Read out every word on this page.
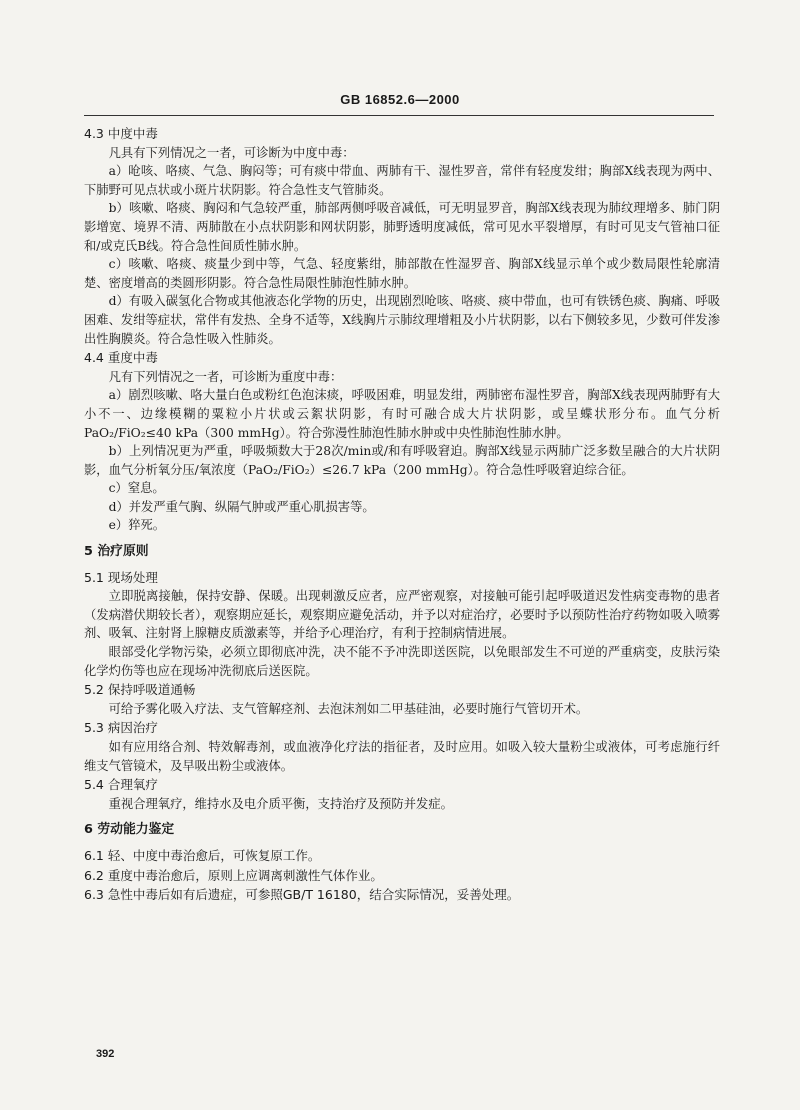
GB 16852.6—2000
4.3 中度中毒
凡具有下列情况之一者，可诊断为中度中毒：
a）呛咳、咯痰、气急、胸闷等；可有痰中带血、两肺有干、湿性罗音，常伴有轻度发绀；胸部X线表现为两中、下肺野可见点状或小斑片状阴影。符合急性支气管肺炎。
b）咳嗽、咯痰、胸闷和气急较严重，肺部两侧呼吸音减低，可无明显罗音，胸部X线表现为肺纹理增多、肺门阴影增宽、境界不清、两肺散在小点状阴影和网状阴影，肺野透明度减低，常可见水平裂增厚，有时可见支气管袖口征和/或克氏B线。符合急性间质性肺水肿。
c）咳嗽、咯痰、痰量少到中等，气急、轻度紫绀，肺部散在性湿罗音、胸部X线显示单个或少数局限性轮廓清楚、密度增高的类圆形阴影。符合急性局限性肺泡性肺水肿。
d）有吸入碳氢化合物或其他液态化学物的历史，出现剧烈呛咳、咯痰、痰中带血，也可有铁锈色痰、胸痛、呼吸困难、发绀等症状，常伴有发热、全身不适等，X线胸片示肺纹理增粗及小片状阴影，以右下侧较多见，少数可伴发渗出性胸膜炎。符合急性吸入性肺炎。
4.4 重度中毒
凡有下列情况之一者，可诊断为重度中毒：
a）剧烈咳嗽、咯大量白色或粉红色泡沫痰，呼吸困难，明显发绀，两肺密布湿性罗音，胸部X线表现两肺野有大小不一、边缘模糊的粟粒小片状或云絮状阴影，有时可融合成大片状阴影，或呈蝶状形分布。血气分析 PaO₂/FiO₂≤40 kPa（300 mmHg）。符合弥漫性肺泡性肺水肿或中央性肺泡性肺水肿。
b）上列情况更为严重，呼吸频数大于28次/min或/和有呼吸窘迫。胸部X线显示两肺广泛多数呈融合的大片状阴影，血气分析氧分压/氧浓度（PaO₂/FiO₂）≤26.7 kPa（200 mmHg）。符合急性呼吸窘迫综合征。
c）窒息。
d）并发严重气胸、纵隔气肿或严重心肌损害等。
e）猝死。
5 治疗原则
5.1 现场处理
立即脱离接触，保持安静、保暖。出现刺激反应者，应严密观察，对接触可能引起呼吸道迟发性病变毒物的患者（发病潜伏期较长者），观察期应延长，观察期应避免活动，并予以对症治疗，必要时予以预防性治疗药物如吸入喷雾剂、吸氧、注射肾上腺糖皮质激素等，并给予心理治疗，有利于控制病情进展。
眼部受化学物污染，必须立即彻底冲洗，决不能不予冲洗即送医院，以免眼部发生不可逆的严重病变，皮肤污染化学灼伤等也应在现场冲洗彻底后送医院。
5.2 保持呼吸道通畅
可给予雾化吸入疗法、支气管解痉剂、去泡沫剂如二甲基硅油，必要时施行气管切开术。
5.3 病因治疗
如有应用络合剂、特效解毒剂，或血液净化疗法的指征者，及时应用。如吸入较大量粉尘或液体，可考虑施行纤维支气管镜术，及早吸出粉尘或液体。
5.4 合理氧疗
重视合理氧疗，维持水及电介质平衡，支持治疗及预防并发症。
6 劳动能力鉴定
6.1 轻、中度中毒治愈后，可恢复原工作。
6.2 重度中毒治愈后，原则上应调离刺激性气体作业。
6.3 急性中毒后如有后遗症，可参照GB/T 16180，结合实际情况，妥善处理。
392
